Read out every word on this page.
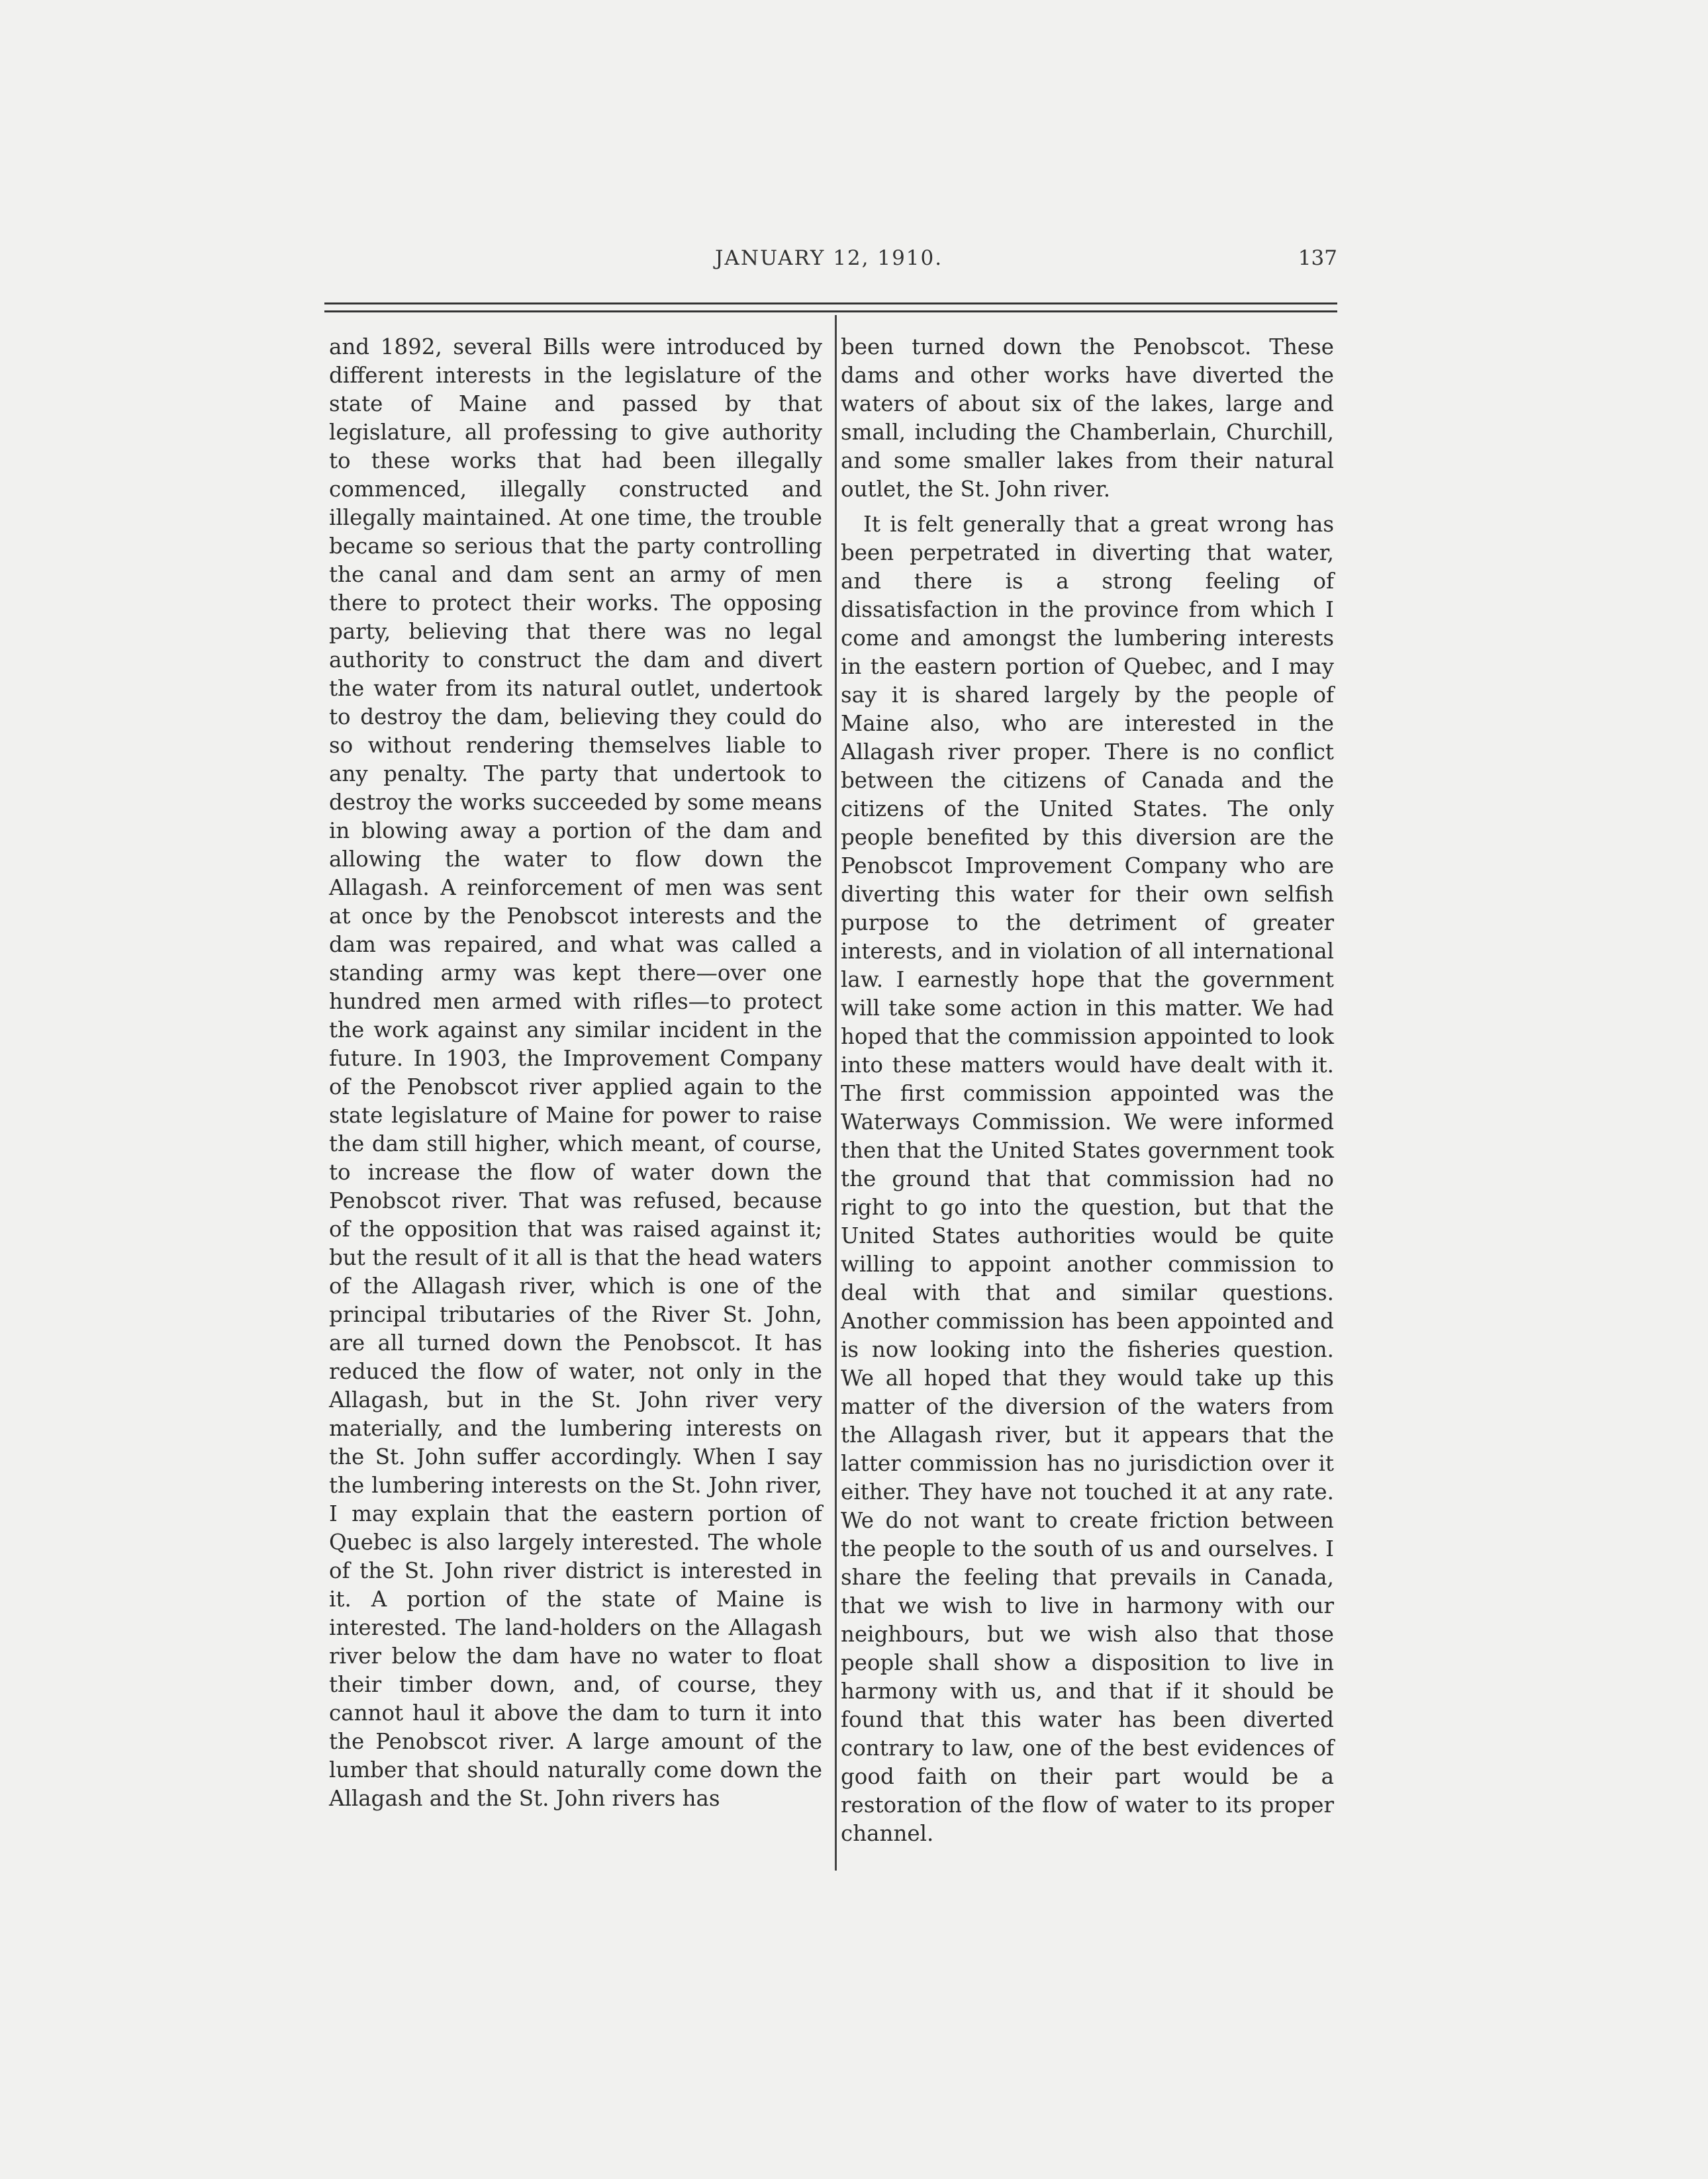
JANUARY 12, 1910.	137

and 1892, several Bills were introduced by different interests in the legislature of the state of Maine and passed by that legislature, all professing to give authority to these works that had been illegally commenced, illegally constructed and illegally maintained. At one time, the trouble became so serious that the party controlling the canal and dam sent an army of men there to protect their works. The opposing party, believing that there was no legal authority to construct the dam and divert the water from its natural outlet, undertook to destroy the dam, believing they could do so without rendering themselves liable to any penalty. The party that undertook to destroy the works succeeded by some means in blowing away a portion of the dam and allowing the water to flow down the Allagash. A reinforcement of men was sent at once by the Penobscot interests and the dam was repaired, and what was called a standing army was kept there—over one hundred men armed with rifles—to protect the work against any similar incident in the future. In 1903, the Improvement Company of the Penobscot river applied again to the state legislature of Maine for power to raise the dam still higher, which meant, of course, to increase the flow of water down the Penobscot river. That was refused, because of the opposition that was raised against it; but the result of it all is that the head waters of the Allagash river, which is one of the principal tributaries of the River St. John, are all turned down the Penobscot. It has reduced the flow of water, not only in the Allagash, but in the St. John river very materially, and the lumbering interests on the St. John suffer accordingly. When I say the lumbering interests on the St. John river, I may explain that the eastern portion of Quebec is also largely interested. The whole of the St. John river district is interested in it. A portion of the state of Maine is interested. The land-holders on the Allagash river below the dam have no water to float their timber down, and, of course, they cannot haul it above the dam to turn it into the Penobscot river. A large amount of the lumber that should naturally come down the Allagash and the St. John rivers has

been turned down the Penobscot. These dams and other works have diverted the waters of about six of the lakes, large and small, including the Chamberlain, Churchill, and some smaller lakes from their natural outlet, the St. John river.

It is felt generally that a great wrong has been perpetrated in diverting that water, and there is a strong feeling of dissatisfaction in the province from which I come and amongst the lumbering interests in the eastern portion of Quebec, and I may say it is shared largely by the people of Maine also, who are interested in the Allagash river proper. There is no conflict between the citizens of Canada and the citizens of the United States. The only people benefited by this diversion are the Penobscot Improvement Company who are diverting this water for their own selfish purpose to the detriment of greater interests, and in violation of all international law. I earnestly hope that the government will take some action in this matter. We had hoped that the commission appointed to look into these matters would have dealt with it. The first commission appointed was the Waterways Commission. We were informed then that the United States government took the ground that that commission had no right to go into the question, but that the United States authorities would be quite willing to appoint another commission to deal with that and similar questions. Another commission has been appointed and is now looking into the fisheries question. We all hoped that they would take up this matter of the diversion of the waters from the Allagash river, but it appears that the latter commission has no jurisdiction over it either. They have not touched it at any rate. We do not want to create friction between the people to the south of us and ourselves. I share the feeling that prevails in Canada, that we wish to live in harmony with our neighbours, but we wish also that those people shall show a disposition to live in harmony with us, and that if it should be found that this water has been diverted contrary to law, one of the best evidences of good faith on their part would be a restoration of the flow of water to its proper channel.
